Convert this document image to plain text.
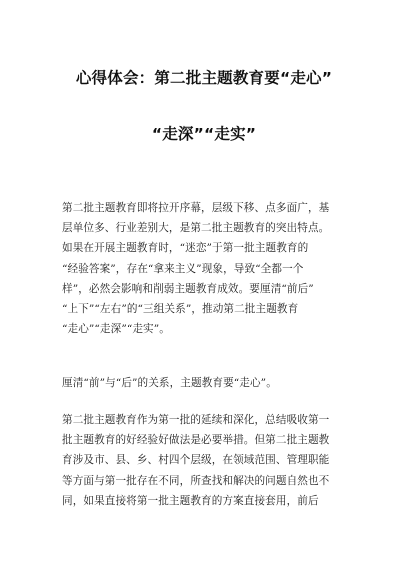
心得体会：第二批主题教育要“走心”
“走深”“走实”
第二批主题教育即将拉开序幕，层级下移、点多面广，基
层单位多、行业差别大，是第二批主题教育的突出特点。
如果在开展主题教育时，“迷恋”于第一批主题教育的
“经验答案”，存在“拿来主义”现象，导致“全都一个
样”，必然会影响和削弱主题教育成效。要厘清“前后”
“上下”“左右”的“三组关系”，推动第二批主题教育
“走心”“走深”“走实”。
厘清“前”与“后”的关系，主题教育要“走心”。
第二批主题教育作为第一批的延续和深化，总结吸收第一
批主题教育的好经验好做法是必要举措。但第二批主题教
育涉及市、县、乡、村四个层级，在领域范围、管理职能
等方面与第一批存在不同，所查找和解决的问题自然也不
同，如果直接将第一批主题教育的方案直接套用，前后
